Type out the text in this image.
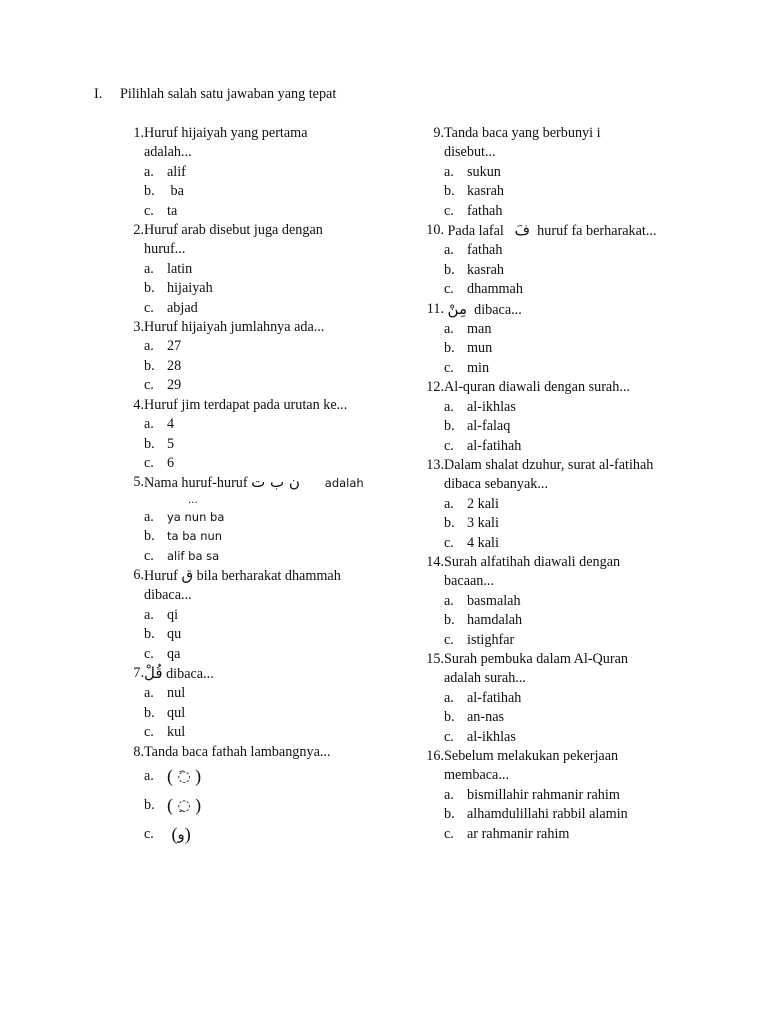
I. Pilihlah salah satu jawaban yang tepat
1. Huruf hijaiyah yang pertama
adalah...
a. alif
b. ba
c. ta
2. Huruf arab disebut juga dengan
huruf...
a. latin
b. hijaiyah
c. abjad
3. Huruf hijaiyah jumlahnya ada...
a. 27
b. 28
c. 29
4. Huruf jim terdapat pada urutan ke...
a. 4
b. 5
c. 6
5. Nama huruf-huruf ن ب ت adalah
...
a.	ya nun ba
b.	ta ba nun
c.	alif ba sa
6. Huruf ق bila berharakat dhammah
dibaca...
a. qi
b. qu
c. qa
7. قُلْ dibaca...
a. nul
b. qul
c. kul
8. Tanda baca fathah lambangnya...
a. ( َ◌ )
b. ( ِ◌ )
c. ( و )
9. Tanda baca yang berbunyi i
disebut...
a. sukun
b. kasrah
c. fathah
10. Pada lafal فَ huruf fa berharakat...
a. fathah
b. kasrah
c. dhammah
11. مِنْ dibaca...
a. man
b. mun
c. min
12. Al-quran diawali dengan surah...
a. al-ikhlas
b. al-falaq
c. al-fatihah
13. Dalam shalat dzuhur, surat al-fatihah
dibaca sebanyak...
a. 2 kali
b. 3 kali
c. 4 kali
14. Surah alfatihah diawali dengan
bacaan...
a. basmalah
b. hamdalah
c. istighfar
15. Surah pembuka dalam Al-Quran
adalah surah...
a. al-fatihah
b. an-nas
c. al-ikhlas
16. Sebelum melakukan pekerjaan
membaca...
a. bismillahir rahmanir rahim
b. alhamdulillahi rabbil alamin
c. ar rahmanir rahim
